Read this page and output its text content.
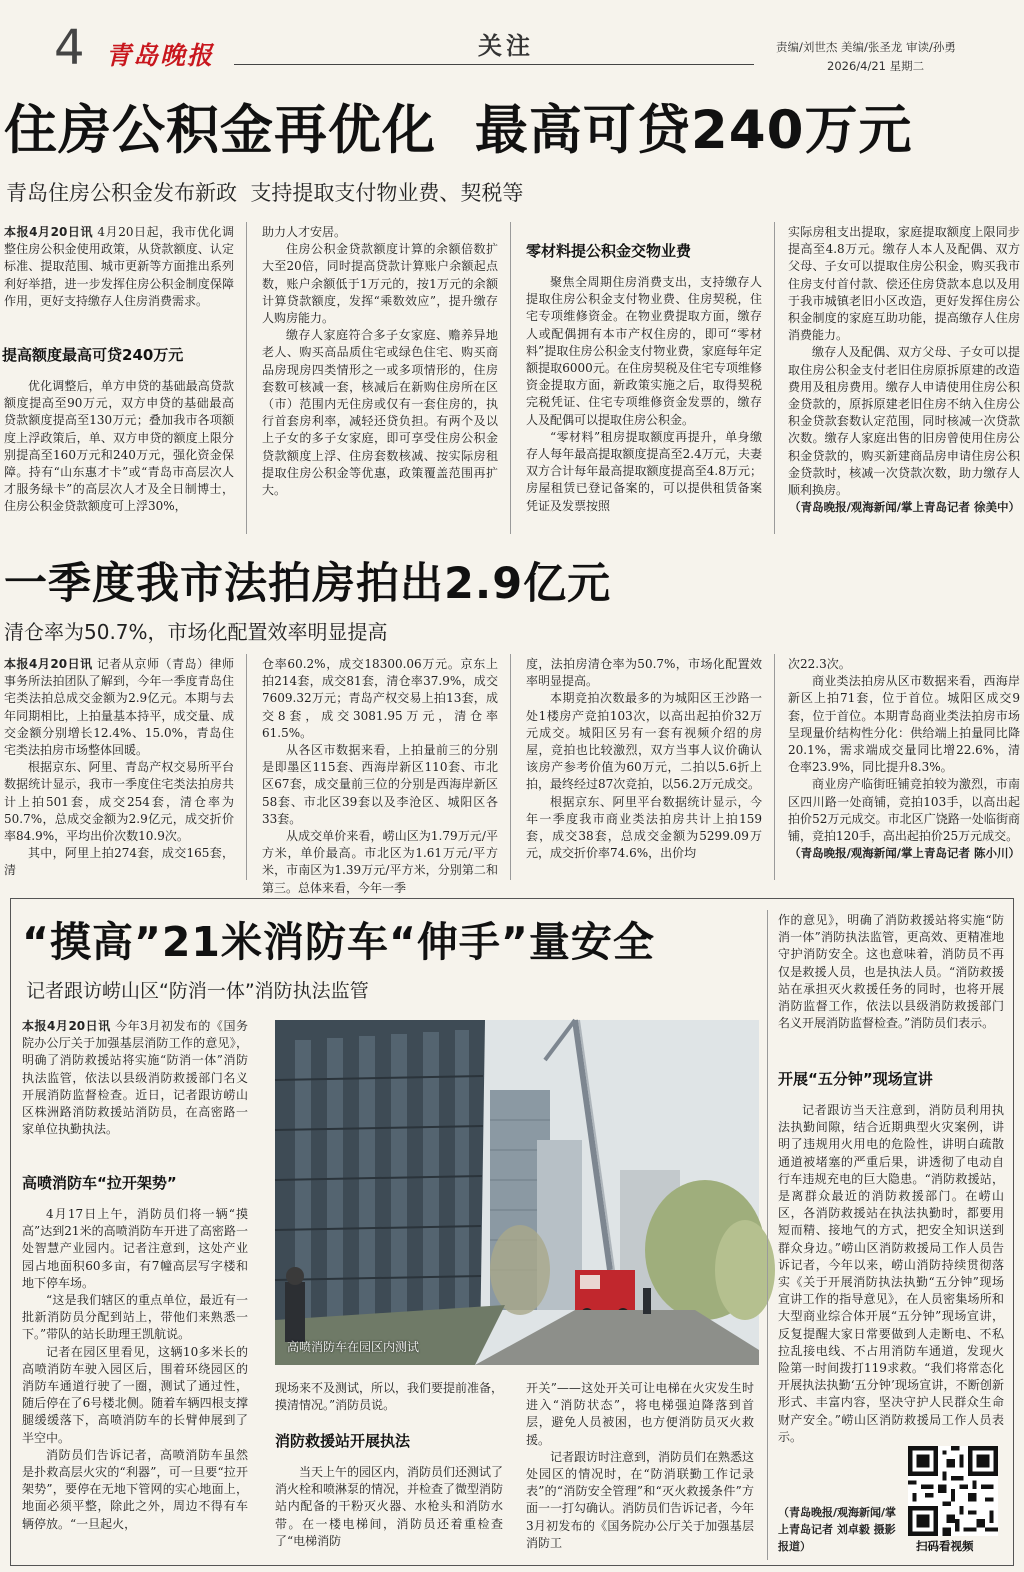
4 青岛晚报	关注	责编/刘世杰 美编/张圣龙 审读/孙勇
2026/4/21 星期二
住房公积金再优化  最高可贷240万元
青岛住房公积金发布新政  支持提取支付物业费、契税等

本报4月20日讯 4月20日起，我市优化调整住房公积金使用政策，从贷款额度、认定标准、提取范围、城市更新等方面推出系列利好举措，进一步发挥住房公积金制度保障作用，更好支持缴存人住房消费需求。

提高额度最高可贷240万元

优化调整后，单方申贷的基础最高贷款额度提高至90万元，双方申贷的基础最高贷款额度提高至130万元；叠加我市各项额度上浮政策后，单、双方申贷的额度上限分别提高至160万元和240万元，强化资金保障。持有“山东惠才卡”或“青岛市高层次人才服务绿卡”的高层次人才及全日制博士，住房公积金贷款额度可上浮30%，

助力人才安居。

住房公积金贷款额度计算的余额倍数扩大至20倍，同时提高贷款计算账户余额起点数，账户余额低于1万元的，按1万元的余额计算贷款额度，发挥“乘数效应”，提升缴存人购房能力。

缴存人家庭符合多子女家庭、赡养异地老人、购买高品质住宅或绿色住宅、购买商品房现房四类情形之一或多项情形的，住房套数可核减一套，核减后在新购住房所在区（市）范围内无住房或仅有一套住房的，执行首套房利率，减轻还贷负担。有两个及以上子女的多子女家庭，即可享受住房公积金贷款额度上浮、住房套数核减、按实际房租提取住房公积金等优惠，政策覆盖范围再扩大。

零材料提公积金交物业费

聚焦全周期住房消费支出，支持缴存人提取住房公积金支付物业费、住房契税，住宅专项维修资金。在物业费提取方面，缴存人或配偶拥有本市产权住房的，即可“零材料”提取住房公积金支付物业费，家庭每年定额提取6000元。在住房契税及住宅专项维修资金提取方面，新政策实施之后，取得契税完税凭证、住宅专项维修资金发票的，缴存人及配偶可以提取住房公积金。

“零材料”租房提取额度再提升，单身缴存人每年最高提取额度提高至2.4万元，夫妻双方合计每年最高提取额度提高至4.8万元；房屋租赁已登记备案的，可以提供租赁备案凭证及发票按照

实际房租支出提取，家庭提取额度上限同步提高至4.8万元。缴存人本人及配偶、双方父母、子女可以提取住房公积金，购买我市住房支付首付款、偿还住房贷款本息以及用于我市城镇老旧小区改造，更好发挥住房公积金制度的家庭互助功能，提高缴存人住房消费能力。

缴存人及配偶、双方父母、子女可以提取住房公积金支付老旧住房原拆原建的改造费用及租房费用。缴存人申请使用住房公积金贷款的，原拆原建老旧住房不纳入住房公积金贷款套数认定范围，同时核减一次贷款次数。缴存人家庭出售的旧房曾使用住房公积金贷款的，购买新建商品房申请住房公积金贷款时，核减一次贷款次数，助力缴存人顺利换房。

（青岛晚报/观海新闻/掌上青岛记者 徐美中）

一季度我市法拍房拍出2.9亿元
清仓率为50.7%，市场化配置效率明显提高

本报4月20日讯 记者从京师（青岛）律师事务所法拍团队了解到，今年一季度青岛住宅类法拍总成交金额为2.9亿元。本期与去年同期相比，上拍量基本持平，成交量、成交金额分别增长12.4%、15.0%，青岛住宅类法拍房市场整体回暖。

根据京东、阿里、青岛产权交易所平台数据统计显示，我市一季度住宅类法拍房共计上拍501套，成交254套，清仓率为50.7%，总成交金额为2.9亿元，成交折价率84.9%，平均出价次数10.9次。

其中，阿里上拍274套，成交165套，清

仓率60.2%，成交18300.06万元。京东上拍214套，成交81套，清仓率37.9%，成交7609.32万元；青岛产权交易上拍13套，成交8套，成交3081.95万元，清仓率61.5%。

从各区市数据来看，上拍量前三的分别是即墨区115套、西海岸新区110套、市北区67套，成交量前三位的分别是西海岸新区58套、市北区39套以及李沧区、城阳区各33套。

从成交单价来看，崂山区为1.79万元/平方米，单价最高。市北区为1.61万元/平方米，市南区为1.39万元/平方米，分别第二和第三。总体来看，今年一季

度，法拍房清仓率为50.7%，市场化配置效率明显提高。

本期竞拍次数最多的为城阳区王沙路一处1楼房产竞拍103次，以高出起拍价32万元成交。城阳区另有一套有视频介绍的房屋，竞拍也比较激烈，双方当事人议价确认该房产参考价值为60万元，二拍以5.6折上拍，最终经过87次竞拍，以56.2万元成交。

根据京东、阿里平台数据统计显示，今年一季度我市商业类法拍房共计上拍159套，成交38套，总成交金额为5299.09万元，成交折价率74.6%，出价均

次22.3次。

商业类法拍房从区市数据来看，西海岸新区上拍71套，位于首位。城阳区成交9套，位于首位。本期青岛商业类法拍房市场呈现量价结构性分化：供给端上拍量同比降20.1%，需求端成交量同比增22.6%，清仓率23.9%，同比提升8.3%。

商业房产临街旺铺竞拍较为激烈，市南区四川路一处商铺，竞拍103手，以高出起拍价52万元成交。市北区广饶路一处临街商铺，竞拍120手，高出起拍价25万元成交。

（青岛晚报/观海新闻/掌上青岛记者 陈小川）

“摸高”21米消防车“伸手”量安全
记者跟访崂山区“防消一体”消防执法监管

本报4月20日讯 今年3月初发布的《国务院办公厅关于加强基层消防工作的意见》，明确了消防救援站将实施“防消一体”消防执法监管，依法以县级消防救援部门名义开展消防监督检查。近日，记者跟访崂山区株洲路消防救援站消防员，在高密路一家单位执勤执法。

高喷消防车“拉开架势”

4月17日上午，消防员们将一辆“摸高”达到21米的高喷消防车开进了高密路一处智慧产业园内。记者注意到，这处产业园占地面积60多亩，有7幢高层写字楼和地下停车场。

“这是我们辖区的重点单位，最近有一批新消防员分配到站上，带他们来熟悉一下。”带队的站长助理王凯航说。

记者在园区里看见，这辆10多米长的高喷消防车驶入园区后，围着环绕园区的消防车通道行驶了一圈，测试了通过性，随后停在了6号楼北侧。随着车辆四根支撑腿缓缓落下，高喷消防车的长臂伸展到了半空中。

消防员们告诉记者，高喷消防车虽然是扑救高层火灾的“利器”，可一旦要“拉开架势”，要停在无地下管网的实心地面上，地面必须平整，除此之外，周边不得有车辆停放。“一旦起火，

高喷消防车在园区内测试

现场来不及测试，所以，我们要提前准备，摸清情况。”消防员说。

消防救援站开展执法

当天上午的园区内，消防员们还测试了消火栓和喷淋泵的情况，并检查了微型消防站内配备的干粉灭火器、水枪头和消防水带。在一楼电梯间，消防员还着重检查了“电梯消防

开关”——这处开关可让电梯在火灾发生时进入“消防状态”，将电梯强迫降落到首层，避免人员被困，也方便消防员灭火救援。

记者跟访时注意到，消防员们在熟悉这处园区的情况时，在“防消联勤工作记录表”的“消防安全管理”和“灭火救援条件”方面一一打勾确认。消防员们告诉记者，今年3月初发布的《国务院办公厅关于加强基层消防工

作的意见》，明确了消防救援站将实施“防消一体”消防执法监管，更高效、更精准地守护消防安全。这也意味着，消防员不再仅是救援人员，也是执法人员。“消防救援站在承担灭火救援任务的同时，也将开展消防监督工作，依法以县级消防救援部门名义开展消防监督检查。”消防员们表示。

开展“五分钟”现场宣讲

记者跟访当天注意到，消防员利用执法执勤间隙，结合近期典型火灾案例，讲明了违规用火用电的危险性，讲明白疏散通道被堵塞的严重后果，讲透彻了电动自行车违规充电的巨大隐患。“消防救援站，是离群众最近的消防救援部门。在崂山区，各消防救援站在执法执勤时，都要用短而精、接地气的方式，把安全知识送到群众身边。”崂山区消防救援局工作人员告诉记者，今年以来，崂山消防持续贯彻落实《关于开展消防执法执勤“五分钟”现场宣讲工作的指导意见》，在人员密集场所和大型商业综合体开展“五分钟”现场宣讲，反复提醒大家日常要做到人走断电、不私拉乱接电线、不占用消防车通道，发现火险第一时间拨打119求救。“我们将常态化开展执法执勤‘五分钟’现场宣讲，不断创新形式、丰富内容，坚决守护人民群众生命财产安全。”崂山区消防救援局工作人员表示。

（青岛晚报/观海新闻/掌上青岛记者 刘卓毅 摄影报道）	扫码看视频
